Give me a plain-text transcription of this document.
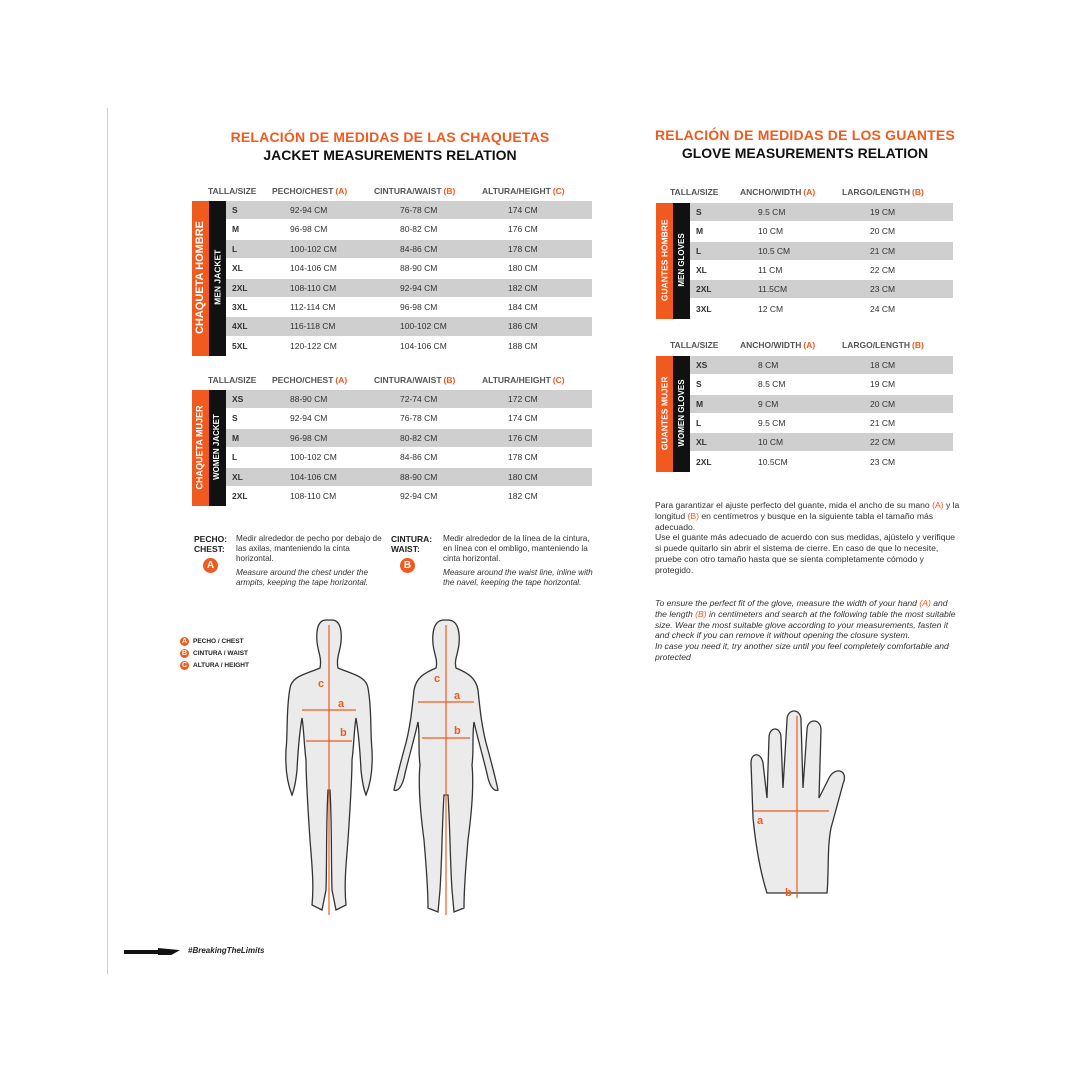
RELACIÓN DE MEDIDAS DE LAS CHAQUETAS
JACKET MEASUREMENTS RELATION
RELACIÓN DE MEDIDAS DE LOS GUANTES
GLOVE MEASUREMENTS RELATION
TALLA/SIZE PECHO/CHEST (A)	CINTURA/WAIST (B)	ALTURA/HEIGHT (C)
CHAQUETA HOMBRE MEN JACKET
S	92-94 CM	76-78 CM	174 CM
M	96-98 CM	80-82 CM	176 CM
L	100-102 CM	84-86 CM	178 CM
XL	104-106 CM	88-90 CM	180 CM
2XL	108-110 CM	92-94 CM	182 CM
3XL	112-114 CM	96-98 CM	184 CM
4XL	116-118 CM	100-102 CM	186 CM
5XL	120-122 CM	104-106 CM	188 CM
TALLA/SIZE PECHO/CHEST (A)	CINTURA/WAIST (B)	ALTURA/HEIGHT (C)
CHAQUETA MUJER WOMEN JACKET
XS	88-90 CM	72-74 CM	172 CM
S	92-94 CM	76-78 CM	174 CM
M	96-98 CM	80-82 CM	176 CM
L	100-102 CM	84-86 CM	178 CM
XL	104-106 CM	88-90 CM	180 CM
2XL	108-110 CM	92-94 CM	182 CM
TALLA/SIZE	ANCHO/WIDTH (A)	LARGO/LENGTH (B)
GUANTES HOMBRE MEN GLOVES
S	9.5 CM	19 CM
M	10 CM	20 CM
L	10.5 CM	21 CM
XL	11 CM	22 CM
2XL	11.5CM	23 CM
3XL	12 CM	24 CM
TALLA/SIZE	ANCHO/WIDTH (A)	LARGO/LENGTH (B)
GUANTES MUJER WOMEN GLOVES
XS	8 CM	18 CM
S	8.5 CM	19 CM
M	9 CM	20 CM
L	9.5 CM	21 CM
XL	10 CM	22 CM
2XL	10.5CM	23 CM
PECHO:
CHEST:
A
Medir alrededor de pecho por debajo de las axilas, manteniendo la cinta horizontal.
Measure around the chest under the armpits, keeping the tape horizontal.
CINTURA:
WAIST:
B
Medir alrededor de la línea de la cintura, en línea con el ombligo, manteniendo la cinta horizontal.
Measure around the waist line, inline with the navel, keeping the tape horizontal.
A PECHO / CHEST
B CINTURA / WAIST
C ALTURA / HEIGHT
c
a
b
c
a
b
Para garantizar el ajuste perfecto del guante, mida el ancho de su mano (A) y la longitud (B) en centímetros y busque en la siguiente tabla el tamaño más adecuado.
Use el guante más adecuado de acuerdo con sus medidas, ajústelo y verifique si puede quitarlo sin abrir el sistema de cierre. En caso de que lo necesite, pruebe con otro tamaño hasta que se sienta completamente cómodo y protegido.
To ensure the perfect fit of the glove, measure the width of your hand (A) and the length (B) in centimeters and search at the following table the most suitable size. Wear the most suitable glove according to your measurements, fasten it and check if you can remove it without opening the closure system.
In case you need it, try another size until you feel completely comfortable and protected
a
b
#BreakingTheLimits
